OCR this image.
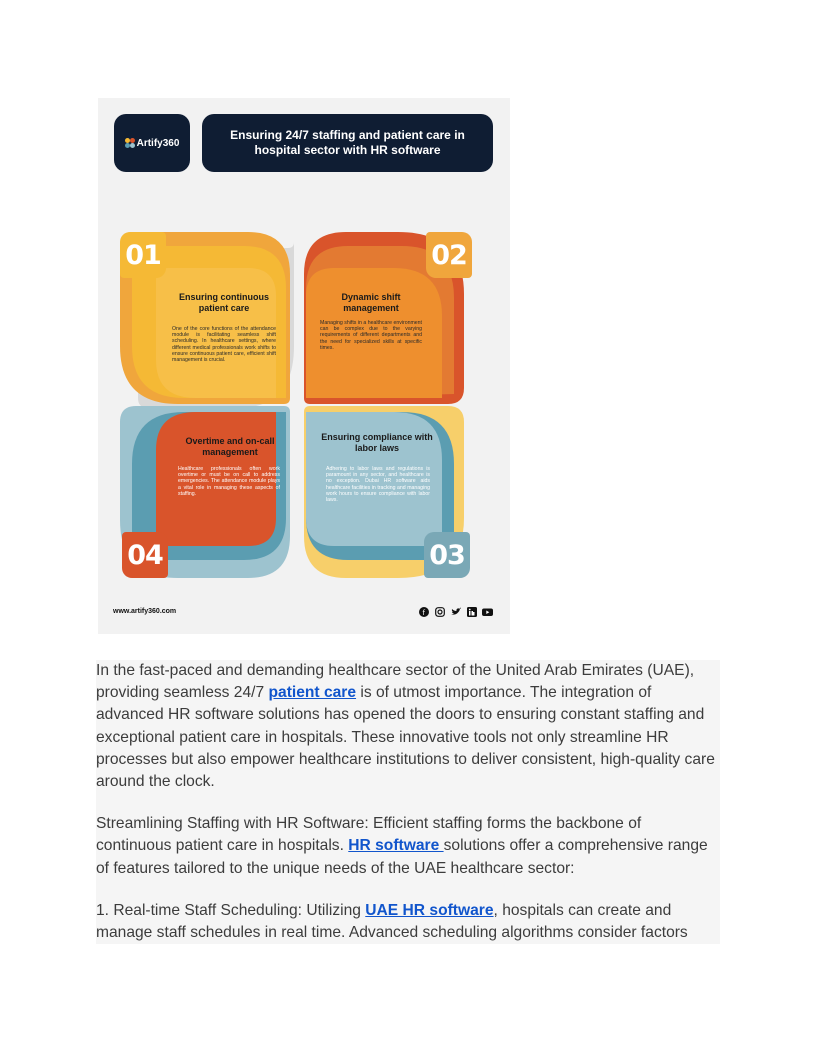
Artify360
Ensuring 24/7 staffing and patient care in hospital sector with HR software
01	02
03
04
Ensuring continuous patient care
One of the core functions of the attendance module is facilitating seamless shift scheduling. In healthcare settings, where different medical professionals work shifts to ensure continuous patient care, efficient shift management is crucial.
Dynamic shift management
Managing shifts in a healthcare environment can be complex due to the varying requirements of different departments and the need for specialized skills at specific times.
Ensuring compliance with labor laws
Adhering to labor laws and regulations is paramount in any sector, and healthcare is no exception. Dubai HR software aids healthcare facilities in tracking and managing work hours to ensure compliance with labor laws.
Overtime and on-call management
Healthcare professionals often work overtime or must be on call to address emergencies. The attendance module plays a vital role in managing these aspects of staffing.
www.artify360.com	f

In the fast-paced and demanding healthcare sector of the United Arab Emirates (UAE), providing seamless 24/7 patient care is of utmost importance. The integration of advanced HR software solutions has opened the doors to ensuring constant staffing and exceptional patient care in hospitals. These innovative tools not only streamline HR processes but also empower healthcare institutions to deliver consistent, high-quality care around the clock.

Streamlining Staffing with HR Software: Efficient staffing forms the backbone of continuous patient care in hospitals. HR software solutions offer a comprehensive range of features tailored to the unique needs of the UAE healthcare sector:

1. Real-time Staff Scheduling: Utilizing UAE HR software, hospitals can create and manage staff schedules in real time. Advanced scheduling algorithms consider factors
